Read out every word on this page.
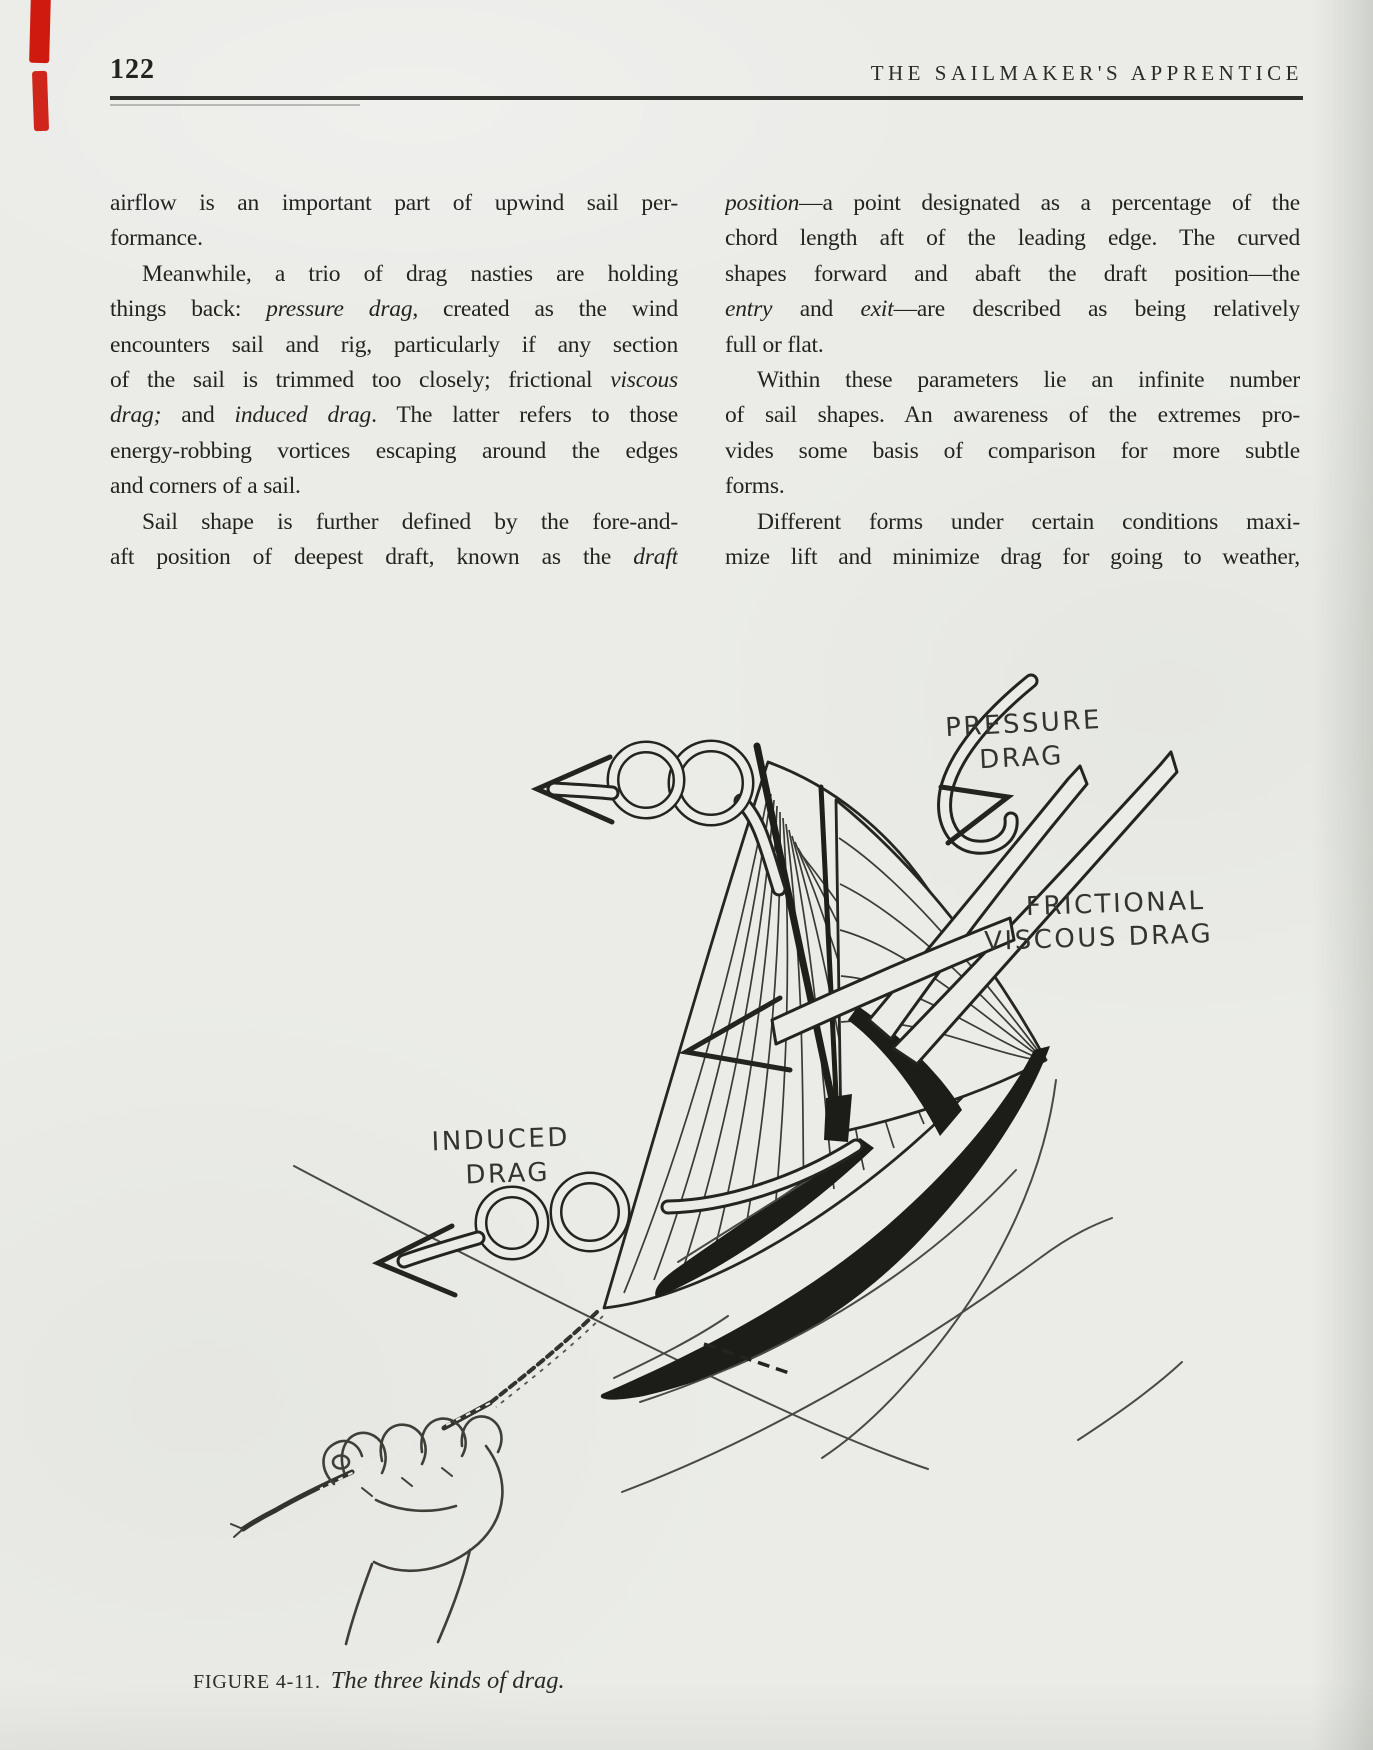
122	THE SAILMAKER'S APPRENTICE
airflow is an important part of upwind sail per-
formance.
Meanwhile, a trio of drag nasties are holding
things back: pressure drag, created as the wind
encounters sail and rig, particularly if any section
of the sail is trimmed too closely; frictional viscous
drag; and induced drag. The latter refers to those
energy-robbing vortices escaping around the edges
and corners of a sail.
Sail shape is further defined by the fore-and-
aft position of deepest draft, known as the draft
position—a point designated as a percentage of the
chord length aft of the leading edge. The curved
shapes forward and abaft the draft position—the
entry and exit—are described as being relatively
full or flat.
Within these parameters lie an infinite number
of sail shapes. An awareness of the extremes pro-
vides some basis of comparison for more subtle
forms.
Different forms under certain conditions maxi-
mize lift and minimize drag for going to weather,
PRESSURE
DRAG
FRICTIONAL
VISCOUS DRAG
INDUCED
DRAG
FIGURE 4-11. The three kinds of drag.
